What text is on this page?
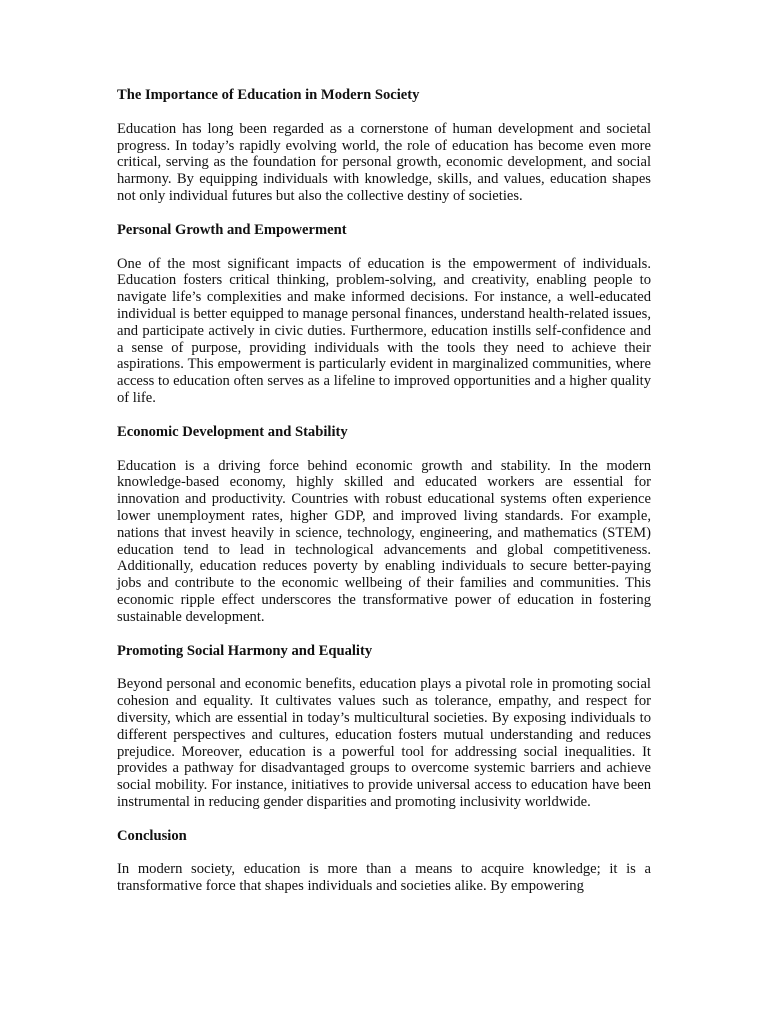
The Importance of Education in Modern Society

Education has long been regarded as a cornerstone of human development and societal progress. In today’s rapidly evolving world, the role of education has become even more critical, serving as the foundation for personal growth, economic development, and social harmony. By equipping individuals with knowledge, skills, and values, education shapes not only individual futures but also the collective destiny of societies.

Personal Growth and Empowerment

One of the most significant impacts of education is the empowerment of individuals. Education fosters critical thinking, problem-solving, and creativity, enabling people to navigate life’s complexities and make informed decisions. For instance, a well-educated individual is better equipped to manage personal finances, understand health-related issues, and participate actively in civic duties. Furthermore, education instills self-confidence and a sense of purpose, providing individuals with the tools they need to achieve their aspirations. This empowerment is particularly evident in marginalized communities, where access to education often serves as a lifeline to improved opportunities and a higher quality of life.

Economic Development and Stability

Education is a driving force behind economic growth and stability. In the modern knowledge-based economy, highly skilled and educated workers are essential for innovation and productivity. Countries with robust educational systems often experience lower unemployment rates, higher GDP, and improved living standards. For example, nations that invest heavily in science, technology, engineering, and mathematics (STEM) education tend to lead in technological advancements and global competitiveness. Additionally, education reduces poverty by enabling individuals to secure better-paying jobs and contribute to the economic wellbeing of their families and communities. This economic ripple effect underscores the transformative power of education in fostering sustainable development.

Promoting Social Harmony and Equality

Beyond personal and economic benefits, education plays a pivotal role in promoting social cohesion and equality. It cultivates values such as tolerance, empathy, and respect for diversity, which are essential in today’s multicultural societies. By exposing individuals to different perspectives and cultures, education fosters mutual understanding and reduces prejudice. Moreover, education is a powerful tool for addressing social inequalities. It provides a pathway for disadvantaged groups to overcome systemic barriers and achieve social mobility. For instance, initiatives to provide universal access to education have been instrumental in reducing gender disparities and promoting inclusivity worldwide.

Conclusion

In modern society, education is more than a means to acquire knowledge; it is a transformative force that shapes individuals and societies alike. By empowering
